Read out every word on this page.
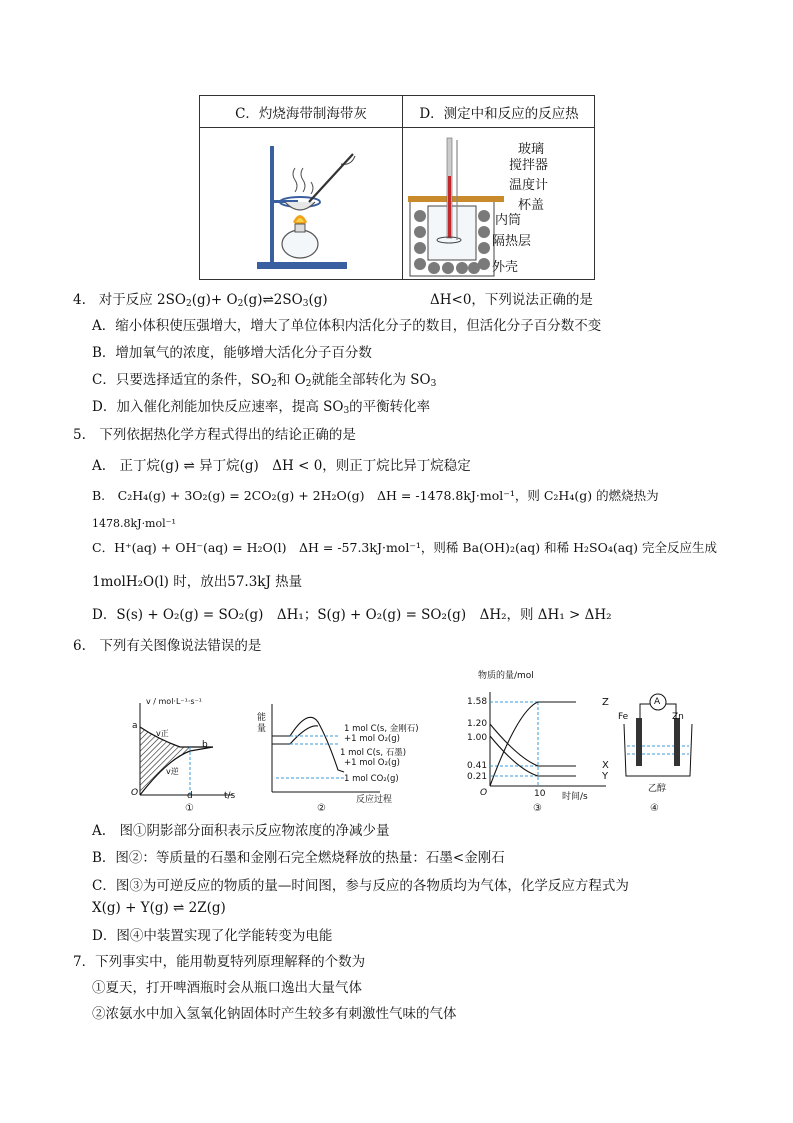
C．灼烧海带制海带灰	D．测定中和反应的反应热
玻璃
搅拌器
温度计
杯盖
内筒
隔热层
外壳
4. 对于反应 $2SO_2(g)+$ $O_2(g)\rightleftharpoons 2SO_3(g)$	ΔH<0，下列说法正确的是
A．缩小体积使压强增大，增大了单位体积内活化分子的数目，但活化分子百分数不变
B．增加氧气的浓度，能够增大活化分子百分数
C．只要选择适宜的条件，$SO_2$和 $O_2$就能全部转化为 $SO_3$
D．加入催化剂能加快反应速率，提高 $SO_3$的平衡转化率
5.　下列依据热化学方程式得出的结论正确的是
A.　正丁烷(g) ⇌ 异丁烷(g)　ΔH < 0，则正丁烷比异丁烷稳定
B.　C₂H₄(g) + 3O₂(g) = 2CO₂(g) + 2H₂O(g)　ΔH = -1478.8kJ·mol⁻¹，则 C₂H₄(g) 的燃烧热为
1478.8kJ·mol⁻¹
C．H⁺(aq) + OH⁻(aq) = H₂O(l)　ΔH = -57.3kJ·mol⁻¹，则稀 Ba(OH)₂(aq) 和稀 H₂SO₄(aq) 完全反应生成
1molH₂O(l) 时，放出57.3kJ 热量
D．S(s) + O₂(g) = SO₂(g)　ΔH₁；S(g) + O₂(g) = SO₂(g)　ΔH₂，则 ΔH₁ > ΔH₂
6.　下列有关图像说法错误的是
v / mol·L⁻¹·s⁻¹
a
v正
b
v逆
O	d	t/s
①
能
量	1 mol C(s, 金刚石)
+1 mol O₂(g)
1 mol C(s, 石墨)
+1 mol O₂(g)
1 mol CO₂(g)
反应过程
②
物质的量/mol
1.58
1.20
1.00
0.41
0.21
O	10 时间/s
Z
X
Y
③
A
Fe	Zn
乙醇
④
A.　图①阴影部分面积表示反应物浓度的净减少量
B．图②：等质量的石墨和金刚石完全燃烧释放的热量：石墨<金刚石
C．图③为可逆反应的物质的量—时间图，参与反应的各物质均为气体，化学反应方程式为
X(g) + Y(g) ⇌ 2Z(g)
D．图④中装置实现了化学能转变为电能
7．下列事实中，能用勒夏特列原理解释的个数为
①夏天，打开啤酒瓶时会从瓶口逸出大量气体
②浓氨水中加入氢氧化钠固体时产生较多有刺激性气味的气体
